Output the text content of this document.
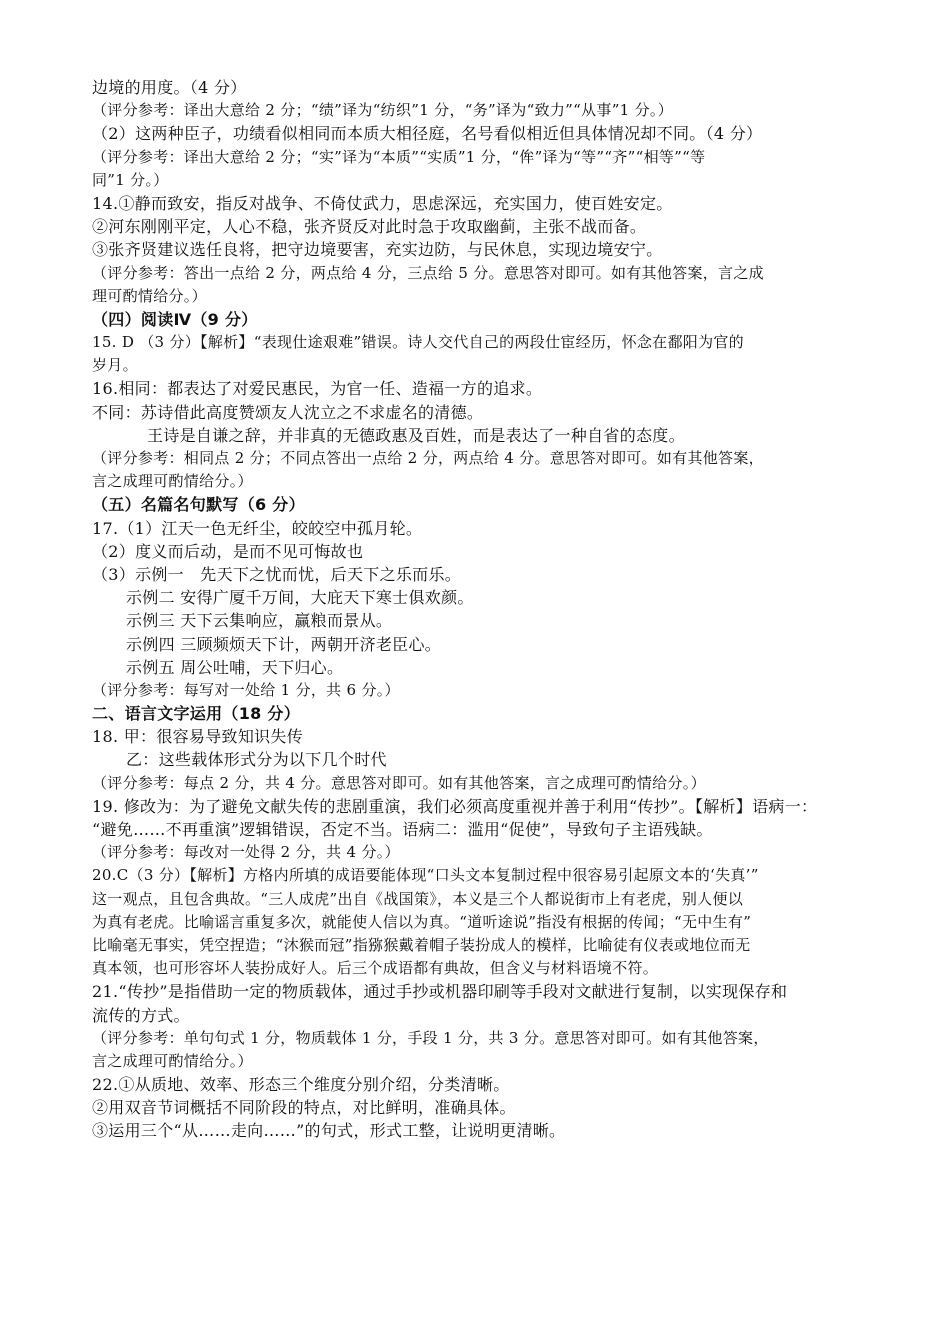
边境的用度。（4 分）
（评分参考：译出大意给 2 分；“绩”译为“纺织”1 分，“务”译为“致力”“从事”1 分。）
（2）这两种臣子，功绩看似相同而本质大相径庭，名号看似相近但具体情况却不同。（4 分）
（评分参考：译出大意给 2 分；“实”译为“本质”“实质”1 分，“侔”译为“等”“齐”“相等”“等
同”1 分。）
14.①静而致安，指反对战争、不倚仗武力，思虑深远，充实国力，使百姓安定。
②河东刚刚平定，人心不稳，张齐贤反对此时急于攻取幽蓟，主张不战而备。
③张齐贤建议选任良将，把守边境要害，充实边防，与民休息，实现边境安宁。
（评分参考：答出一点给 2 分，两点给 4 分，三点给 5 分。意思答对即可。如有其他答案，言之成
理可酌情给分。）
（四）阅读Ⅳ（9 分）
15. D （3 分）【解析】“表现仕途艰难”错误。诗人交代自己的两段仕宦经历，怀念在鄱阳为官的
岁月。
16.相同：都表达了对爱民惠民，为官一任、造福一方的追求。
不同：苏诗借此高度赞颂友人沈立之不求虚名的清德。
王诗是自谦之辞，并非真的无德政惠及百姓，而是表达了一种自省的态度。
（评分参考：相同点 2 分；不同点答出一点给 2 分，两点给 4 分。意思答对即可。如有其他答案，
言之成理可酌情给分。）
（五）名篇名句默写（6 分）
17.（1）江天一色无纤尘，皎皎空中孤月轮。
（2）度义而后动，是而不见可悔故也
（3）示例一　先天下之忧而忧，后天下之乐而乐。
示例二 安得广厦千万间，大庇天下寒士俱欢颜。
示例三 天下云集响应，赢粮而景从。
示例四 三顾频烦天下计，两朝开济老臣心。
示例五 周公吐哺，天下归心。
（评分参考：每写对一处给 1 分，共 6 分。）
二、语言文字运用（18 分）
18. 甲：很容易导致知识失传
乙：这些载体形式分为以下几个时代
（评分参考：每点 2 分，共 4 分。意思答对即可。如有其他答案，言之成理可酌情给分。）
19. 修改为：为了避免文献失传的悲剧重演，我们必须高度重视并善于利用“传抄”。【解析】语病一：
“避免……不再重演”逻辑错误，否定不当。语病二：滥用“促使”，导致句子主语残缺。
（评分参考：每改对一处得 2 分，共 4 分。）
20.C（3 分）【解析】方格内所填的成语要能体现“口头文本复制过程中很容易引起原文本的‘失真’”
这一观点，且包含典故。“三人成虎”出自《战国策》，本义是三个人都说街市上有老虎，别人便以
为真有老虎。比喻谣言重复多次，就能使人信以为真。“道听途说”指没有根据的传闻；“无中生有”
比喻毫无事实，凭空捏造；“沐猴而冠”指猕猴戴着帽子装扮成人的模样，比喻徒有仪表或地位而无
真本领，也可形容坏人装扮成好人。后三个成语都有典故，但含义与材料语境不符。
21.“传抄”是指借助一定的物质载体，通过手抄或机器印刷等手段对文献进行复制，以实现保存和
流传的方式。
（评分参考：单句句式 1 分，物质载体 1 分，手段 1 分，共 3 分。意思答对即可。如有其他答案，
言之成理可酌情给分。）
22.①从质地、效率、形态三个维度分别介绍，分类清晰。
②用双音节词概括不同阶段的特点，对比鲜明，准确具体。
③运用三个“从……走向……”的句式，形式工整，让说明更清晰。
